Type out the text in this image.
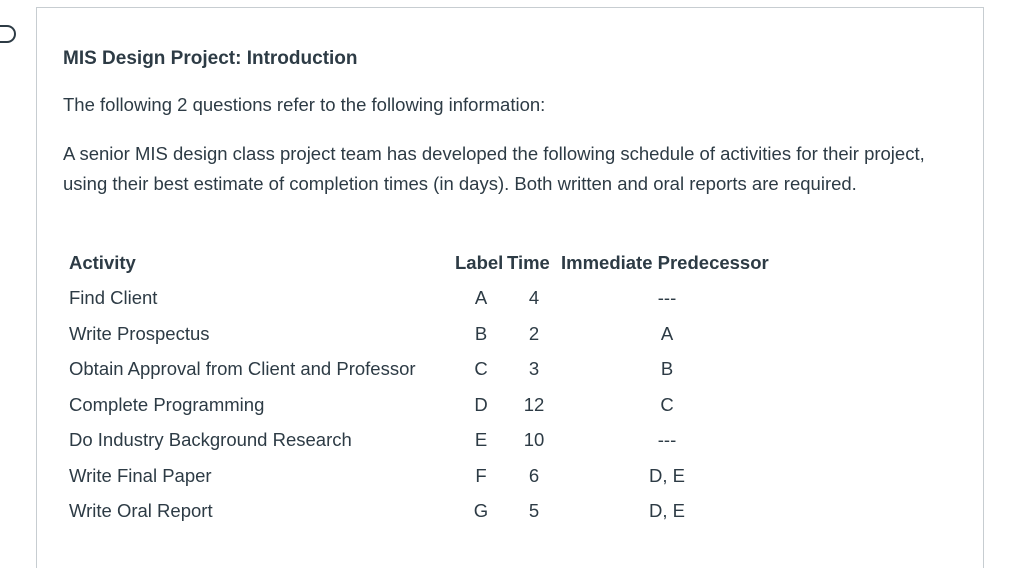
MIS Design Project: Introduction

The following 2 questions refer to the following information:

A senior MIS design class project team has developed the following schedule of activities for their project, using their best estimate of completion times (in days). Both written and oral reports are required.

Activity	Label	Time	Immediate Predecessor
Find Client	A	4	---
Write Prospectus	B	2	A
Obtain Approval from Client and Professor	C	3	B
Complete Programming	D	12	C
Do Industry Background Research	E	10	---
Write Final Paper	F	6	D, E
Write Oral Report	G	5	D, E
